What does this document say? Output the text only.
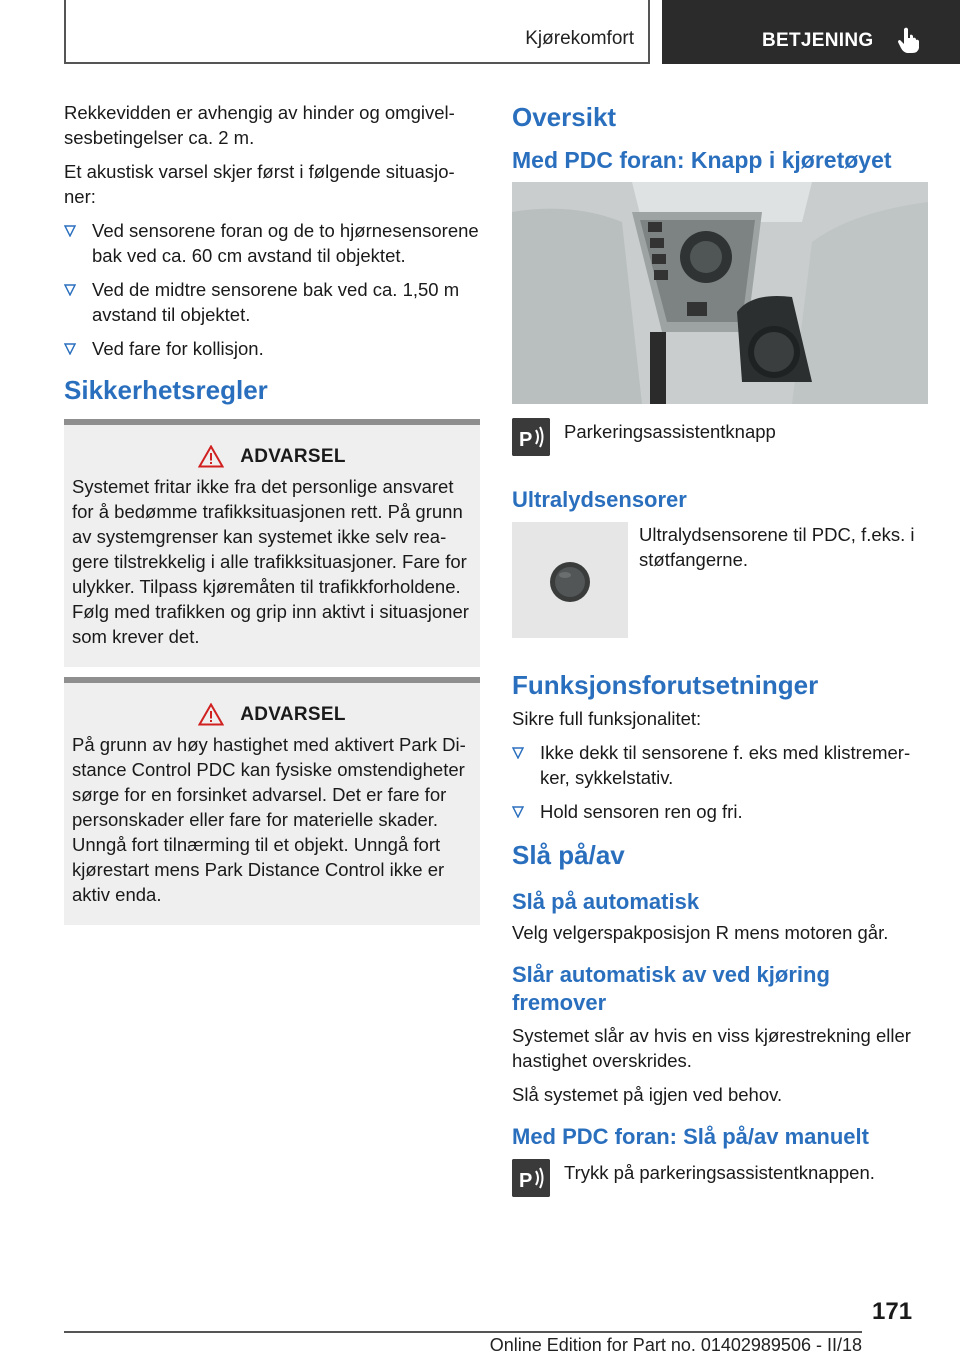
Kjørekomfort	BETJENING

Rekkevidden er avhengig av hinder og omgivelsesbetingelser ca. 2 m.

Et akustisk varsel skjer først i følgende situasjoner:

Ved sensorene foran og de to hjørnesensorene bak ved ca. 60 cm avstand til objektet.
Ved de midtre sensorene bak ved ca. 1,50 m avstand til objektet.
Ved fare for kollisjon.
Sikkerhetsregler
ADVARSEL

Systemet fritar ikke fra det personlige ansvaret for å bedømme trafikksituasjonen rett. På grunn av systemgrenser kan systemet ikke selv reagere tilstrekkelig i alle trafikksituasjoner. Fare for ulykker. Tilpass kjøremåten til trafikkforholdene. Følg med trafikken og grip inn aktivt i situasjoner som krever det.

ADVARSEL

På grunn av høy hastighet med aktivert Park Distance Control PDC kan fysiske omstendigheter sørge for en forsinket advarsel. Det er fare for personskader eller fare for materielle skader. Unngå fort tilnærming til et objekt. Unngå fort kjørestart mens Park Distance Control ikke er aktiv enda.

Oversikt
Med PDC foran: Knapp i kjøretøyet
P Parkeringsassistentknapp
Ultralydsensorer
Ultralydsensorene til PDC, f.eks. i støtfangerne.
Funksjonsforutsetninger

Sikre full funksjonalitet:

Ikke dekk til sensorene f. eks med klistremerker, sykkelstativ.
Hold sensoren ren og fri.
Slå på/av
Slå på automatisk

Velg velgerspakposisjon R mens motoren går.

Slår automatisk av ved kjøring fremover

Systemet slår av hvis en viss kjørestrekning eller hastighet overskrides.

Slå systemet på igjen ved behov.

Med PDC foran: Slå på/av manuelt
P Trykk på parkeringsassistentknappen.
171
Online Edition for Part no. 01402989506 - II/18
